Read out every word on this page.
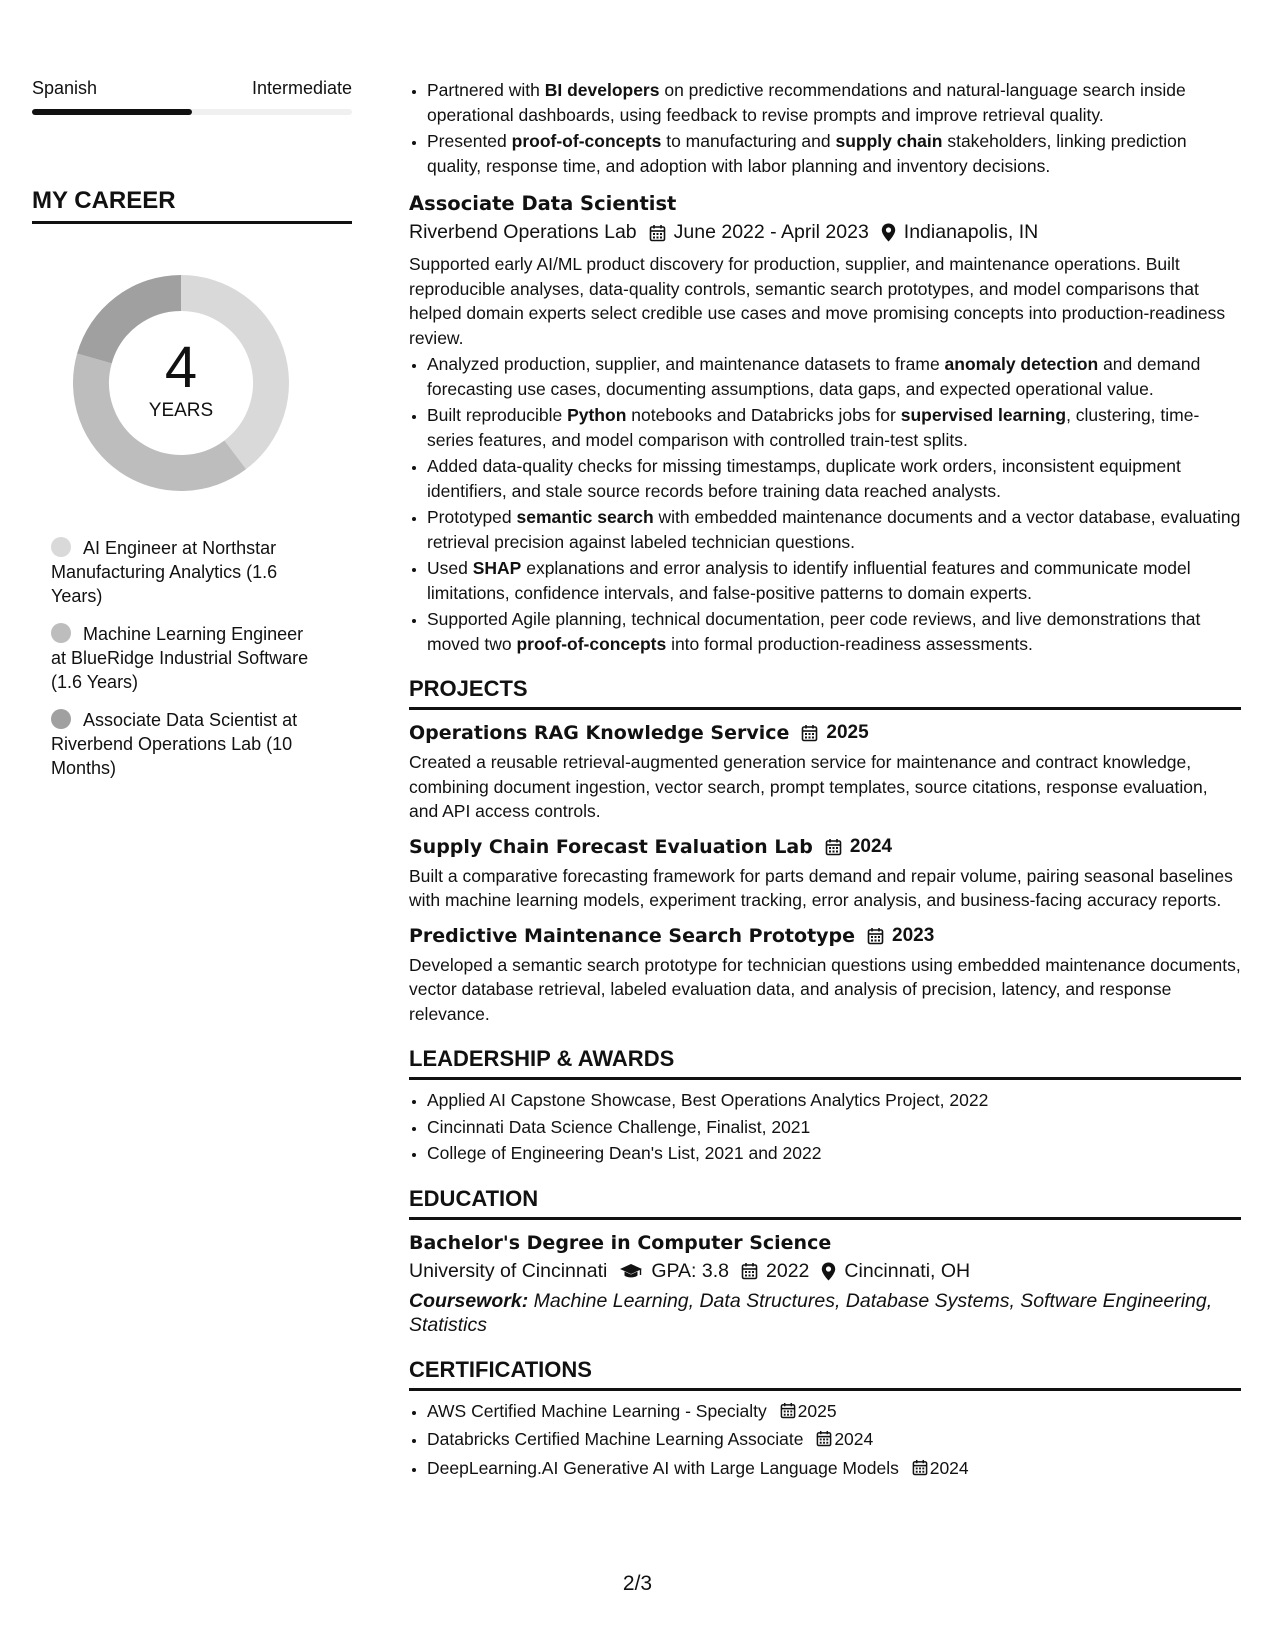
Spanish	Intermediate
MY CAREER
4
YEARS
AI Engineer at Northstar Manufacturing Analytics (1.6 Years)
Machine Learning Engineer at BlueRidge Industrial Software (1.6 Years)
Associate Data Scientist at Riverbend Operations Lab (10 Months)
• Partnered with BI developers on predictive recommendations and natural-language search inside operational dashboards, using feedback to revise prompts and improve retrieval quality.
• Presented proof-of-concepts to manufacturing and supply chain stakeholders, linking prediction quality, response time, and adoption with labor planning and inventory decisions.
Associate Data Scientist
Riverbend Operations Lab June 2022 - April 2023 Indianapolis, IN
Supported early AI/ML product discovery for production, supplier, and maintenance operations. Built reproducible analyses, data-quality controls, semantic search prototypes, and model comparisons that helped domain experts select credible use cases and move promising concepts into production-readiness review.
• Analyzed production, supplier, and maintenance datasets to frame anomaly detection and demand forecasting use cases, documenting assumptions, data gaps, and expected operational value.
• Built reproducible Python notebooks and Databricks jobs for supervised learning, clustering, time-series features, and model comparison with controlled train-test splits.
• Added data-quality checks for missing timestamps, duplicate work orders, inconsistent equipment identifiers, and stale source records before training data reached analysts.
• Prototyped semantic search with embedded maintenance documents and a vector database, evaluating retrieval precision against labeled technician questions.
• Used SHAP explanations and error analysis to identify influential features and communicate model limitations, confidence intervals, and false-positive patterns to domain experts.
• Supported Agile planning, technical documentation, peer code reviews, and live demonstrations that moved two proof-of-concepts into formal production-readiness assessments.
PROJECTS
Operations RAG Knowledge Service 2025
Created a reusable retrieval-augmented generation service for maintenance and contract knowledge, combining document ingestion, vector search, prompt templates, source citations, response evaluation, and API access controls.
Supply Chain Forecast Evaluation Lab 2024
Built a comparative forecasting framework for parts demand and repair volume, pairing seasonal baselines with machine learning models, experiment tracking, error analysis, and business-facing accuracy reports.
Predictive Maintenance Search Prototype 2023
Developed a semantic search prototype for technician questions using embedded maintenance documents, vector database retrieval, labeled evaluation data, and analysis of precision, latency, and response relevance.
LEADERSHIP & AWARDS
• Applied AI Capstone Showcase, Best Operations Analytics Project, 2022
• Cincinnati Data Science Challenge, Finalist, 2021
• College of Engineering Dean's List, 2021 and 2022
EDUCATION
Bachelor's Degree in Computer Science
University of Cincinnati GPA: 3.8 2022 Cincinnati, OH
Coursework: Machine Learning, Data Structures, Database Systems, Software Engineering, Statistics
CERTIFICATIONS
• AWS Certified Machine Learning - Specialty 2025
• Databricks Certified Machine Learning Associate 2024
• DeepLearning.AI Generative AI with Large Language Models 2024
2/3
